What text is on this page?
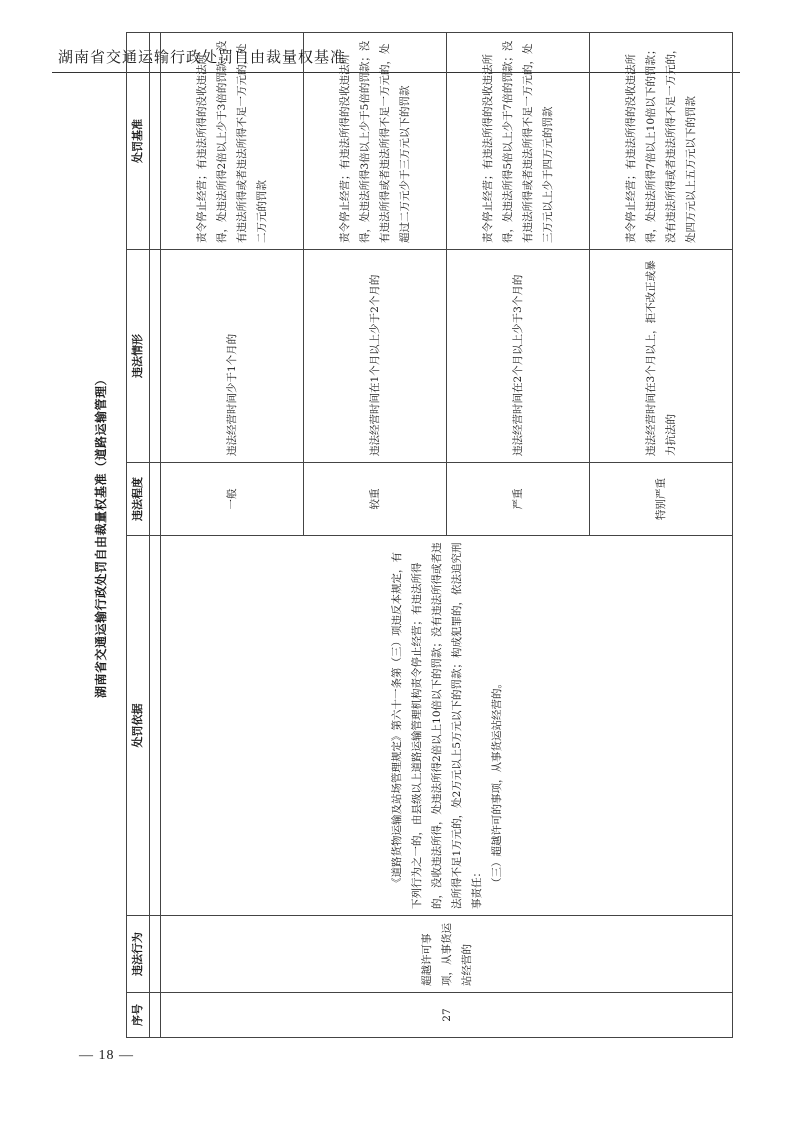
湖南省交通运输行政处罚自由裁量权基准
湖南省交通运输行政处罚自由裁量权基准（道路运输管理）
序号	违法行为	处罚依据	违法程度	违法情形	处罚基准

27	超越许可事项，从事货运站经营的	《道路货物运输及站场管理规定》第六十一条第（三）项违反本规定，有下列行为之一的，由县级以上道路运输管理机构责令停止经营；有违法所得的，没收违法所得，处违法所得2倍以上10倍以下的罚款；没有违法所得或者违法所得不足1万元的，处2万元以上5万元以下的罚款；构成犯罪的，依法追究刑事责任： （三）超越许可的事项，从事货运站经营的。	一般	违法经营时间少于1个月的	责令停止经营；有违法所得的没收违法所得，处违法所得2倍以上少于3倍的罚款；没有违法所得或者违法所得不足一万元的，处二万元的罚款
			较重	违法经营时间在1个月以上少于2个月的	责令停止经营；有违法所得的没收违法所得，处违法所得3倍以上少于5倍的罚款；没有违法所得或者违法所得不足一万元的，处超过二万元少于三万元以下的罚款
			严重	违法经营时间在2个月以上少于3个月的	责令停止经营；有违法所得的没收违法所得，处违法所得5倍以上少于7倍的罚款；没有违法所得或者违法所得不足一万元的，处三万元以上少于四万元的罚款
			特别严重	违法经营时间在3个月以上，拒不改正或暴力抗法的	责令停止经营；有违法所得的没收违法所得，处违法所得7倍以上10倍以下的罚款；没有违法所得或者违法所得不足一万元的，处四万元以上五万元以下的罚款
— 18 —
